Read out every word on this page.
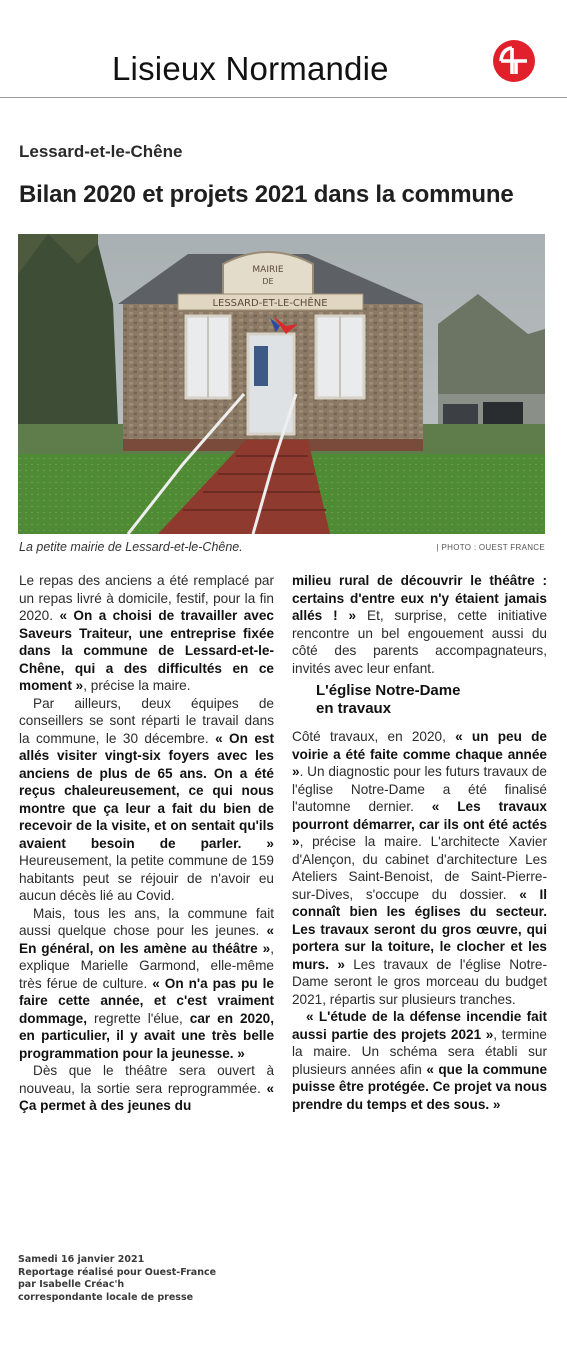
Lisieux Normandie
Lessard-et-le-Chêne
Bilan 2020 et projets 2021 dans la commune
MAIRIE
DE
LESSARD-ET-LE-CHÊNE
La petite mairie de Lessard-et-le-Chêne.	| PHOTO : OUEST FRANCE

Le repas des anciens a été remplacé par un repas livré à domicile, festif, pour la fin 2020. « On a choisi de travailler avec Saveurs Traiteur, une entreprise fixée dans la commune de Lessard-et-le-Chêne, qui a des difficultés en ce moment », précise la maire.

Par ailleurs, deux équipes de conseillers se sont réparti le travail dans la commune, le 30 décembre. « On est allés visiter vingt-six foyers avec les anciens de plus de 65 ans. On a été reçus chaleureusement, ce qui nous montre que ça leur a fait du bien de recevoir de la visite, et on sentait qu'ils avaient besoin de parler. » Heureusement, la petite commune de 159 habitants peut se réjouir de n'avoir eu aucun décès lié au Covid.

Mais, tous les ans, la commune fait aussi quelque chose pour les jeunes. « En général, on les amène au théâtre », explique Marielle Garmond, elle-même très férue de culture. « On n'a pas pu le faire cette année, et c'est vraiment dommage, regrette l'élue, car en 2020, en particulier, il y avait une très belle programmation pour la jeunesse. »

Dès que le théâtre sera ouvert à nouveau, la sortie sera reprogrammée. « Ça permet à des jeunes du

milieu rural de découvrir le théâtre : certains d'entre eux n'y étaient jamais allés ! » Et, surprise, cette initiative rencontre un bel engouement aussi du côté des parents accompagnateurs, invités avec leur enfant.

L'église Notre-Dame
en travaux

Côté travaux, en 2020, « un peu de voirie a été faite comme chaque année ». Un diagnostic pour les futurs travaux de l'église Notre-Dame a été finalisé l'automne dernier. « Les travaux pourront démarrer, car ils ont été actés », précise la maire. L'architecte Xavier d'Alençon, du cabinet d'architecture Les Ateliers Saint-Benoist, de Saint-Pierre-sur-Dives, s'occupe du dossier. « Il connaît bien les églises du secteur. Les travaux seront du gros œuvre, qui portera sur la toiture, le clocher et les murs. » Les travaux de l'église Notre-Dame seront le gros morceau du budget 2021, répartis sur plusieurs tranches.

« L'étude de la défense incendie fait aussi partie des projets 2021 », termine la maire. Un schéma sera établi sur plusieurs années afin « que la commune puisse être protégée. Ce projet va nous prendre du temps et des sous. »

Samedi 16 janvier 2021
Reportage réalisé pour Ouest-France
par Isabelle Créac'h
correspondante locale de presse
